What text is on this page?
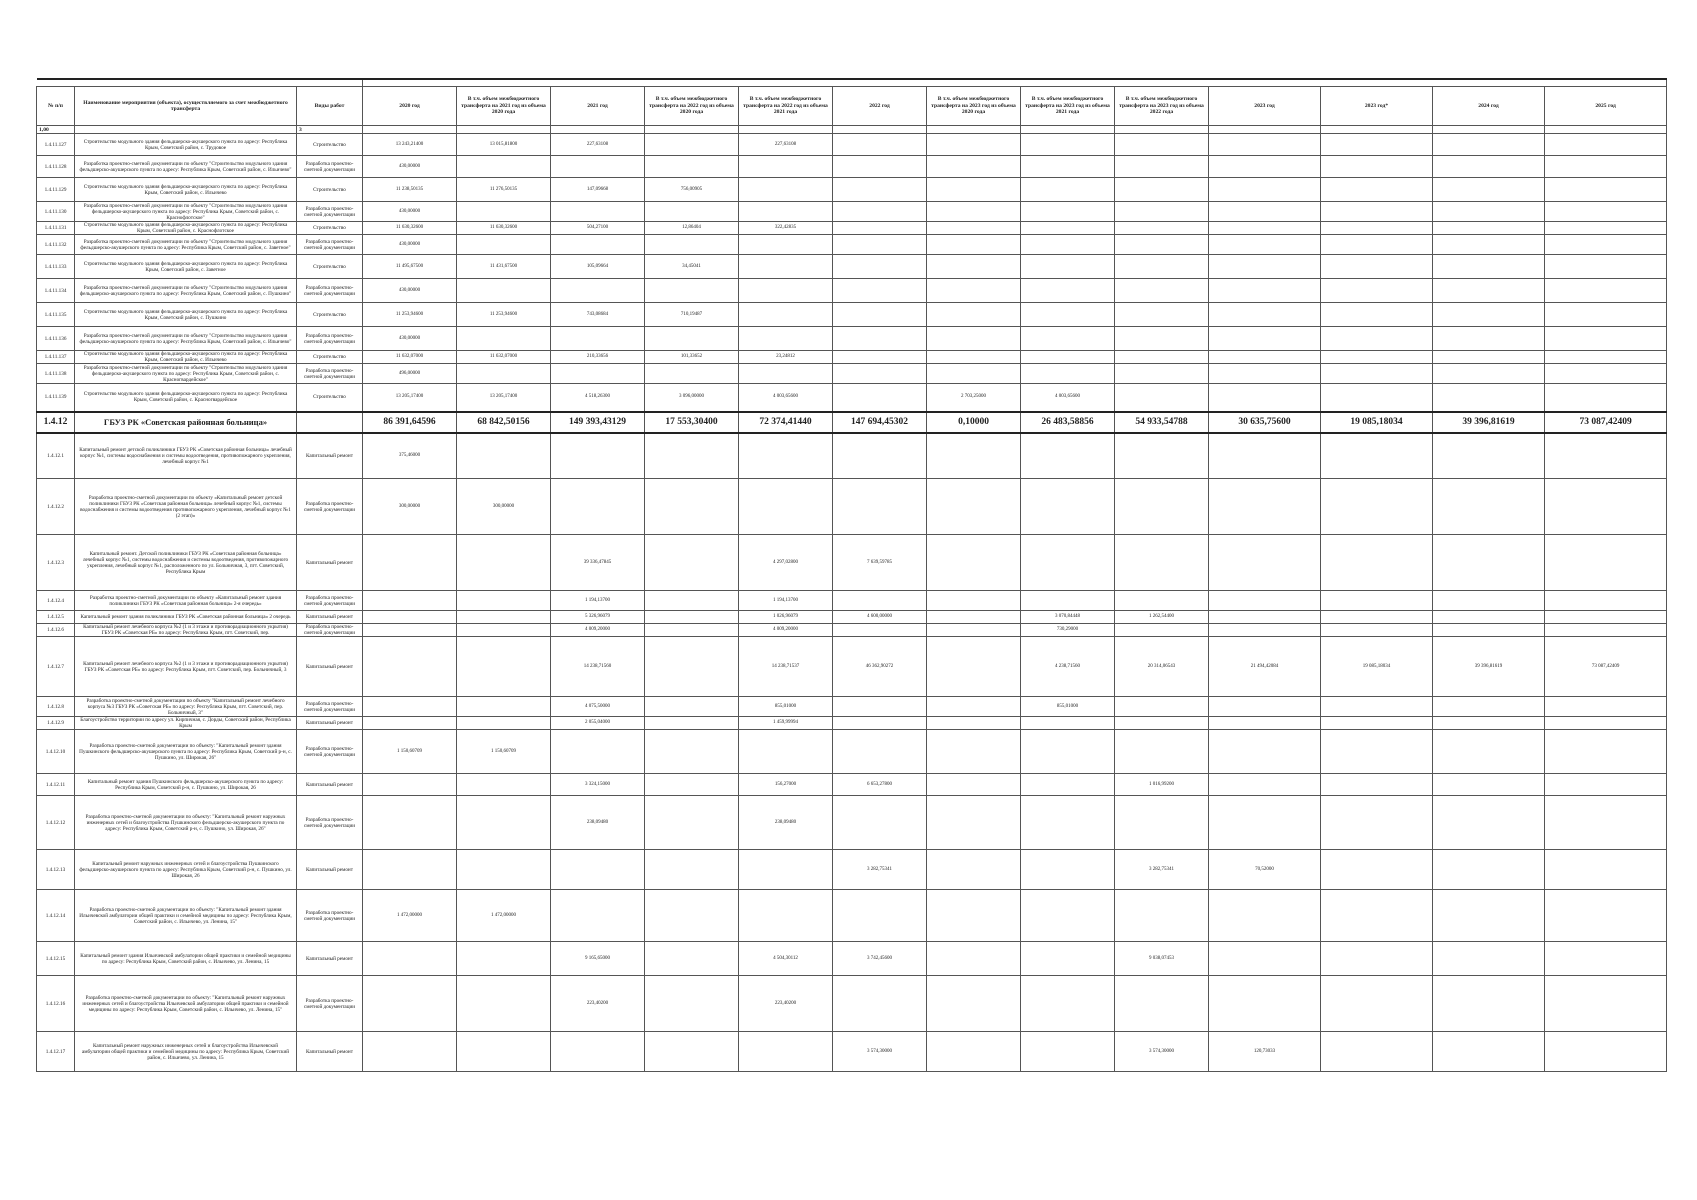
№ п/п	Наименование мероприятия (объекта), осуществляемого за счет межбюджетного трансферта	Виды работ	2020 год	В т.ч. объем межбюджетного трансферта на 2021 год из объема 2020 года	2021 год	В т.ч. объем межбюджетного трансферта на 2022 год из объема 2020 года	В т.ч. объем межбюджетного трансферта на 2022 год из объема 2021 года	2022 год	В т.ч. объем межбюджетного трансферта на 2023 год из объема 2020 года	В т.ч. объем межбюджетного трансферта на 2023 год из объема 2021 года	В т.ч. объем межбюджетного трансферта на 2023 год из объема 2022 года	2023 год	2023 год*	2024 год	2025 год
1,00		3													
1.4.11.127	Строительство модульного здания фельдшерско-акушерского пункта по адресу: Республика Крым, Советский район, с. Трудовое	Строительство	13 243,21400	13 015,81800	227,63108		227,63108								
1.4.11.128	Разработка проектно-сметной документации по объекту "Строительство модульного здания фельдшерско-акушерского пункта по адресу: Республика Крым, Советский район, с. Ильичево"	Разработка проектно-сметной документации	430,00000												
1.4.11.129	Строительство модульного здания фельдшерско-акушерского пункта по адресу: Республика Крым, Советский район, с. Ильичево	Строительство	11 238,50135	11 276,50135	147,09668	756,00905									
1.4.11.130	Разработка проектно-сметной документации по объекту "Строительство модульного здания фельдшерско-акушерского пункта по адресу: Республика Крым, Советский район, с. Краснофлотское"	Разработка проектно-сметной документации	430,00000												
1.4.11.131	Строительство модульного здания фельдшерско-акушерского пункта по адресу: Республика Крым, Советский район, с. Краснофлотское	Строительство	11 630,32600	11 630,32600	504,27100	12,86404	322,42835								
1.4.11.132	Разработка проектно-сметной документации по объекту "Строительство модульного здания фельдшерско-акушерского пункта по адресу: Республика Крым, Советский район, с. Заветное"	Разработка проектно-сметной документации	430,00000												
1.4.11.133	Строительство модульного здания фельдшерско-акушерского пункта по адресу: Республика Крым, Советский район, с. Заветное	Строительство	11 495,67500	11 431,67500	105,09664	34,45041									
1.4.11.134	Разработка проектно-сметной документации по объекту "Строительство модульного здания фельдшерско-акушерского пункта по адресу: Республика Крым, Советский район, с. Пушкино"	Разработка проектно-сметной документации	430,00000												
1.4.11.135	Строительство модульного здания фельдшерско-акушерского пункта по адресу: Республика Крым, Советский район, с. Пушкино	Строительство	11 253,94600	11 253,94600	743,08684	710,19487									
1.4.11.136	Разработка проектно-сметной документации по объекту "Строительство модульного здания фельдшерско-акушерского пункта по адресу: Республика Крым, Советский район, с. Ильичево"	Разработка проектно-сметной документации	430,00000												
1.4.11.137	Строительство модульного здания фельдшерско-акушерского пункта по адресу: Республика Крым, Советский район, с. Ильичево	Строительство	11 632,07000	11 632,07000	210,33656	101,33652	23,24812								
1.4.11.138	Разработка проектно-сметной документации по объекту "Строительство модульного здания фельдшерско-акушерского пункта по адресу: Республика Крым, Советский район, с. Красногвардейское"	Разработка проектно-сметной документации	496,00000												
1.4.11.139	Строительство модульного здания фельдшерско-акушерского пункта по адресу: Республика Крым, Советский район, с. Красногвардейское	Строительство	13 205,17400	13 205,17400	4 518,26300	3 096,00000	4 003,65600		2 703,25000	4 003,65600					
1.4.12	ГБУЗ РК «Советская районная больница»		86 391,64596	68 842,50156	149 393,43129	17 553,30400	72 374,41440	147 694,45302	0,10000	26 483,58856	54 933,54788	30 635,75600	19 085,18034	39 396,81619	73 087,42409
1.4.12.1	Капитальный ремонт детской поликлиники ГБУЗ РК «Советская районная больница» лечебный корпус №1, системы водоснабжения и системы водоотведения, противопожарного укрепления, лечебный корпус №1	Капитальный ремонт	375,46000												
1.4.12.2	Разработка проектно-сметной документации по объекту «Капитальный ремонт детской поликлиники ГБУЗ РК «Советская районная больница» лечебный корпус №1, системы водоснабжения и системы водоотведения противопожарного укрепления, лечебный корпус №1 (2 этап)»	Разработка проектно-сметной документации	300,00000	300,00000											
1.4.12.3	Капитальный ремонт. Детской поликлиники ГБУЗ РК «Советская районная больница» лечебный корпус №1, системы водоснабжения и системы водоотведения, противопожарного укрепления, лечебный корпус №1, расположенного по ул. Больничная, 3, пгт. Советский, Республика Крым	Капитальный ремонт			39 336,47845		4 297,02800	7 639,59785							
1.4.12.4	Разработка проектно-сметной документации по объекту «Капитальный ремонт здания поликлиники ГБУЗ РК «Советская районная больница» 2-я очередь»	Разработка проектно-сметной документации			1 194,13700		1 194,13700								
1.4.12.5	Капитальный ремонт здания поликлиники ГБУЗ РК «Советская районная больница» 2 очередь	Капитальный ремонт			5 326,96079		1 026,96079	4 600,00000		3 070,84448	1 262,54400				
1.4.12.6	Капитальный ремонт лечебного корпуса №2 (1 и 3 этажи и противорадиационного укрытия) ГБУЗ РК «Советская РБ» по адресу: Республика Крым, пгт. Советский, пер.	Разработка проектно-сметной документации			4 009,20000		4 009,20000			730,29000					
1.4.12.7	Капитальный ремонт лечебного корпуса №2 (1 и 3 этажи и противорадиационного укрытия) ГБУЗ РК «Советская РБ» по адресу: Республика Крым, пгт. Советский, пер. Больничный, 3	Капитальный ремонт			14 238,71560		14 238,71537	46 362,90272		4 238,71560	20 314,06543	21 494,42084	19 085,18034	39 396,81619	73 087,42409
1.4.12.8	Разработка проектно-сметной документации по объекту "Капитальный ремонт лечебного корпуса №3 ГБУЗ РК «Советская РБ» по адресу: Республика Крым, пгт. Советский, пер. Больничный, 3"	Разработка проектно-сметной документации			4 075,50000		855,01000			855,01000					
1.4.12.9	Благоустройство территории по адресу ул. Кирпичная, с. Дорды, Советский район, Республика Крым	Капитальный ремонт			2 055,04000		1 459,99994								
1.4.12.10	Разработка проектно-сметной документации по объекту: "Капитальный ремонт здания Пушкинского фельдшерско-акушерского пункта по адресу: Республика Крым, Советский р-н, с. Пушкино, ул. Широкая, 26"	Разработка проектно-сметной документации	1 150,60709	1 150,60709											
1.4.12.11	Капитальный ремонт здания Пушкинского фельдшерско-акушерского пункта по адресу: Республика Крым, Советский р-н, с. Пушкино, ул. Широкая, 26	Капитальный ремонт			3 324,15000		156,27000	6 653,27800			1 016,99200				
1.4.12.12	Разработка проектно-сметной документации по объекту: "Капитальный ремонт наружных инженерных сетей и благоустройства Пушкинского фельдшерско-акушерского пункта по адресу: Республика Крым, Советский р-н, с. Пушкино, ул. Широкая, 26"	Разработка проектно-сметной документации			238,09480		238,09480								
1.4.12.13	Капитальный ремонт наружных инженерных сетей и благоустройства Пушкинского фельдшерско-акушерского пункта по адресу: Республика Крым, Советский р-н, с. Пушкино, ул. Широкая, 26	Капитальный ремонт						3 282,75341			3 282,75341	70,52000			
1.4.12.14	Разработка проектно-сметной документации по объекту: "Капитальный ремонт здания Ильичевской амбулатории общей практики и семейной медицины по адресу: Республика Крым, Советский район, с. Ильичево, ул. Ленина, 15"	Разработка проектно-сметной документации	1 472,00000	1 472,00000											
1.4.12.15	Капитальный ремонт здания Ильичевской амбулатории общей практики и семейной медицины по адресу: Республика Крым, Советский район, с. Ильичево, ул. Ленина, 15	Капитальный ремонт			9 165,65000		4 504,30112	3 742,45600			9 038,07453				
1.4.12.16	Разработка проектно-сметной документации по объекту: "Капитальный ремонт наружных инженерных сетей и благоустройства Ильичевской амбулатории общей практики и семейной медицины по адресу: Республика Крым, Советский район, с. Ильичево, ул. Ленина, 15"	Разработка проектно-сметной документации			223,40200		223,40200								
1.4.12.17	Капитальный ремонт наружных инженерных сетей и благоустройства Ильичевской амбулатории общей практики и семейной медицины по адресу: Республика Крым, Советский район, с. Ильичево, ул. Ленина, 15	Капитальный ремонт						3 574,30000			3 574,30000	120,73033			
